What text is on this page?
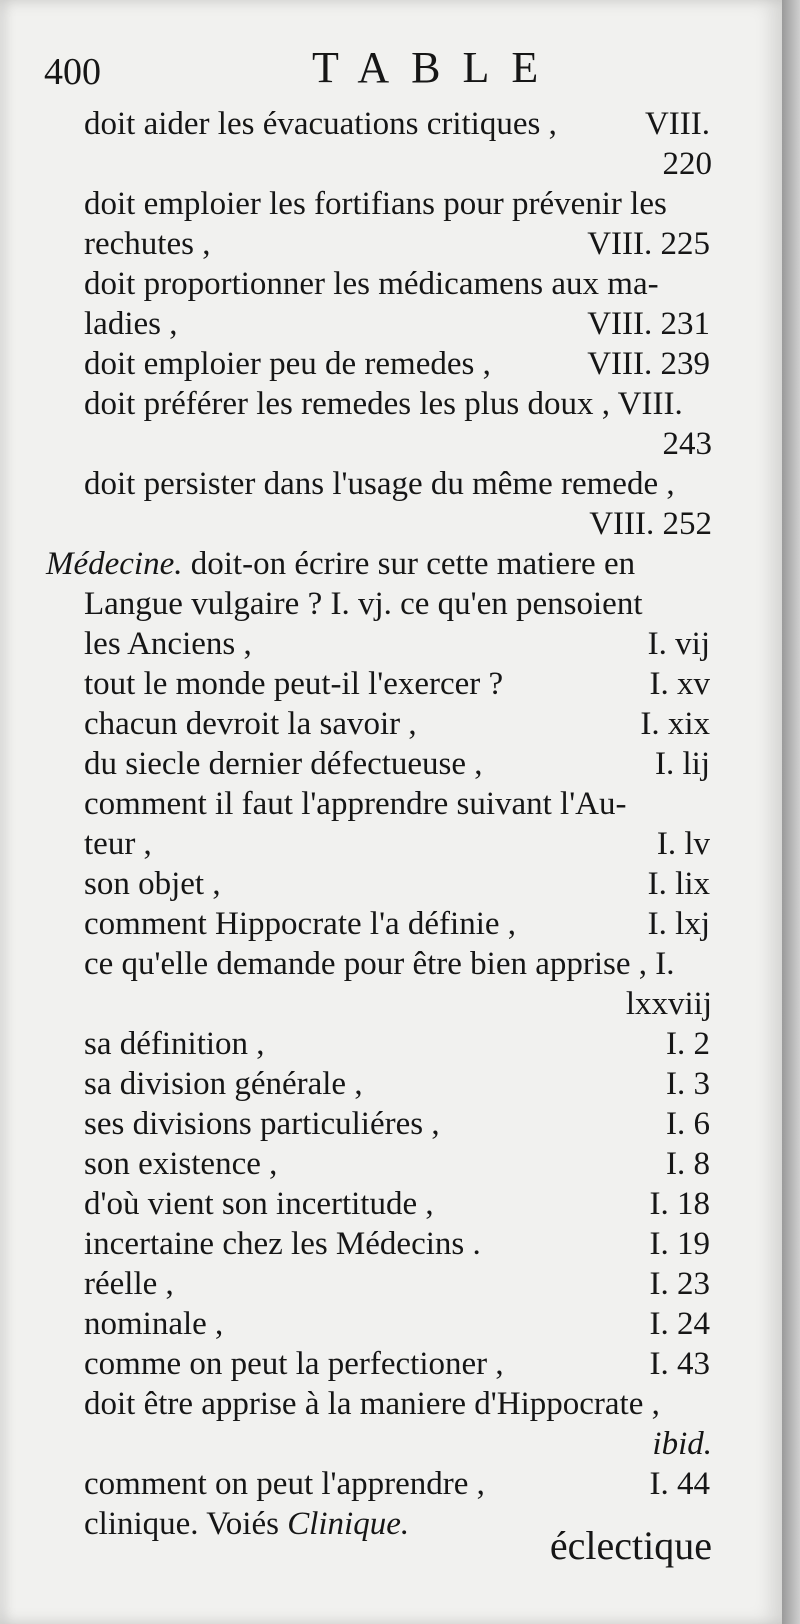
400	TABLE
doit aider les évacuations critiques ,	VIII.
220
doit emploier les fortifians pour prévenir les
rechutes ,	VIII. 225
doit proportionner les médicamens aux ma-
ladies ,	VIII. 231
doit emploier peu de remedes ,	VIII. 239
doit préférer les remedes les plus doux , VIII.
243
doit persister dans l'usage du même remede ,
VIII. 252
Médecine. doit-on écrire sur cette matiere en
Langue vulgaire ? I. vj. ce qu'en pensoient
les Anciens ,	I. vij
tout le monde peut-il l'exercer ?	I. xv
chacun devroit la savoir ,	I. xix
du siecle dernier défectueuse ,	I. lij
comment il faut l'apprendre suivant l'Au-
teur ,	I. lv
son objet ,	I. lix
comment Hippocrate l'a définie ,	I. lxj
ce qu'elle demande pour être bien apprise , I.
lxxviij
sa définition ,	I. 2
sa division générale ,	I. 3
ses divisions particuliéres ,	I. 6
son existence ,	I. 8
d'où vient son incertitude ,	I. 18
incertaine chez les Médecins .	I. 19
réelle ,	I. 23
nominale ,	I. 24
comme on peut la perfectioner ,	I. 43
doit être apprise à la maniere d'Hippocrate ,
ibid.
comment on peut l'apprendre ,	I. 44
clinique. Voiés Clinique.	éclectique
